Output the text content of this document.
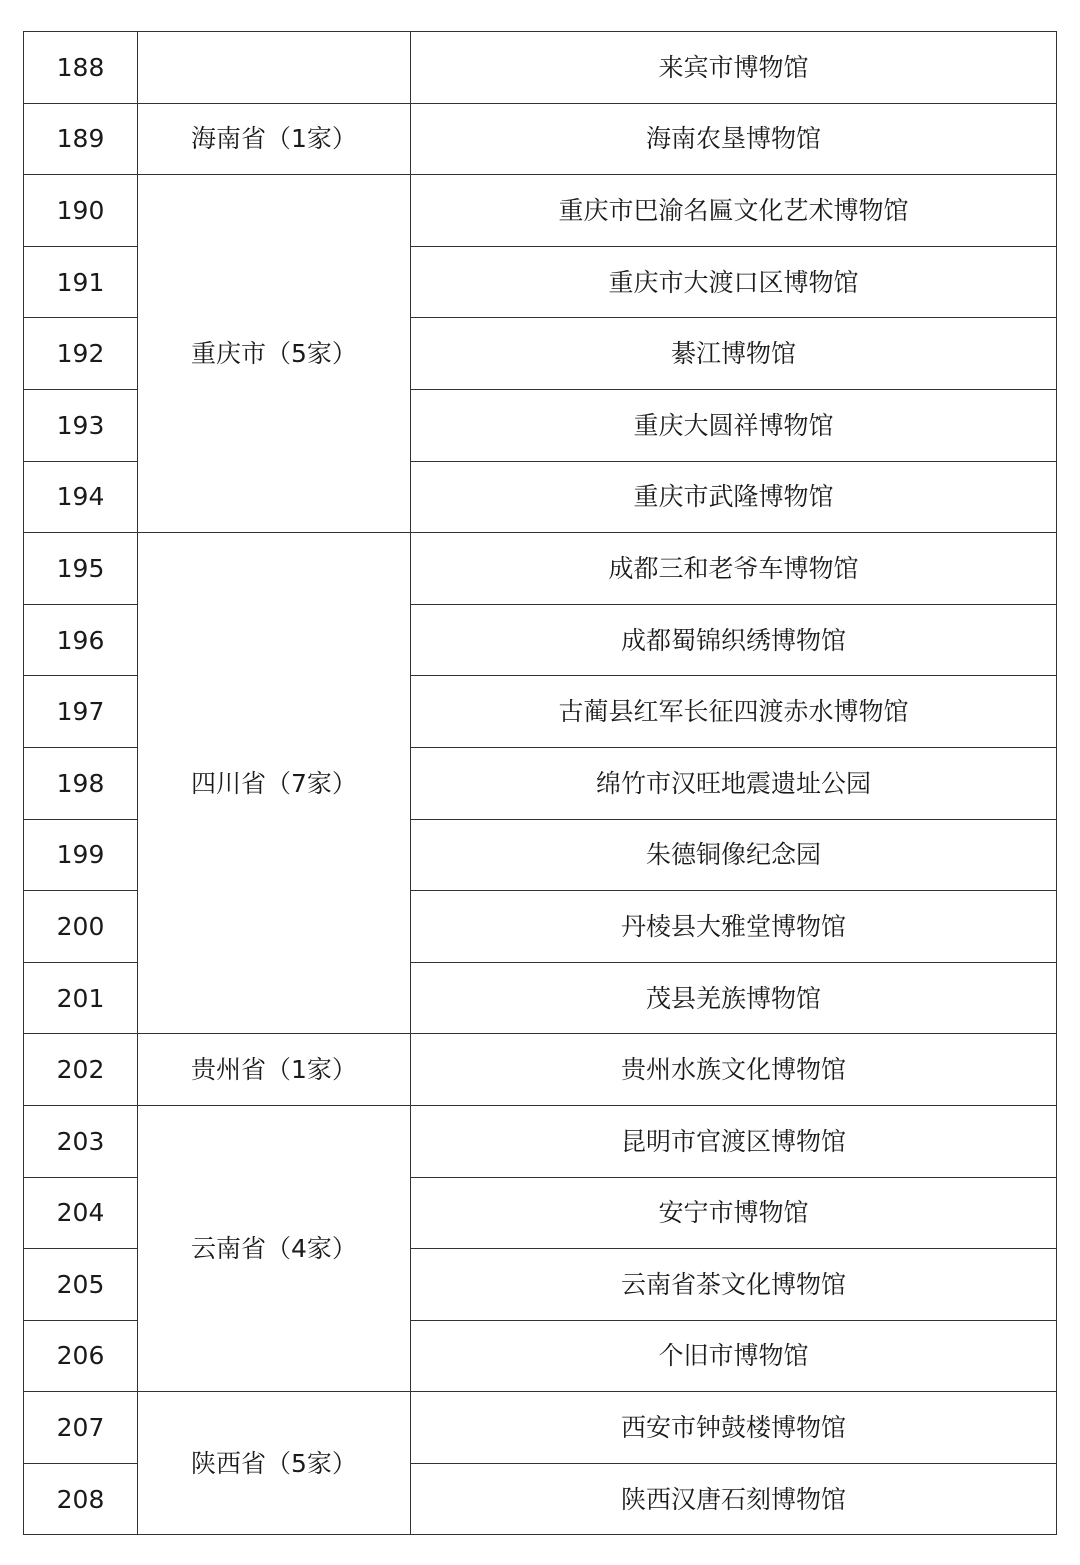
188		来宾市博物馆
189	海南省（1家）	海南农垦博物馆
190	重庆市（5家）	重庆市巴渝名匾文化艺术博物馆
191		重庆市大渡口区博物馆
192		綦江博物馆
193		重庆大圆祥博物馆
194		重庆市武隆博物馆
195	四川省（7家）	成都三和老爷车博物馆
196		成都蜀锦织绣博物馆
197		古蔺县红军长征四渡赤水博物馆
198		绵竹市汉旺地震遗址公园
199		朱德铜像纪念园
200		丹棱县大雅堂博物馆
201		茂县羌族博物馆
202	贵州省（1家）	贵州水族文化博物馆
203	云南省（4家）	昆明市官渡区博物馆
204		安宁市博物馆
205		云南省茶文化博物馆
206		个旧市博物馆
207	陕西省（5家）	西安市钟鼓楼博物馆
208		陕西汉唐石刻博物馆
